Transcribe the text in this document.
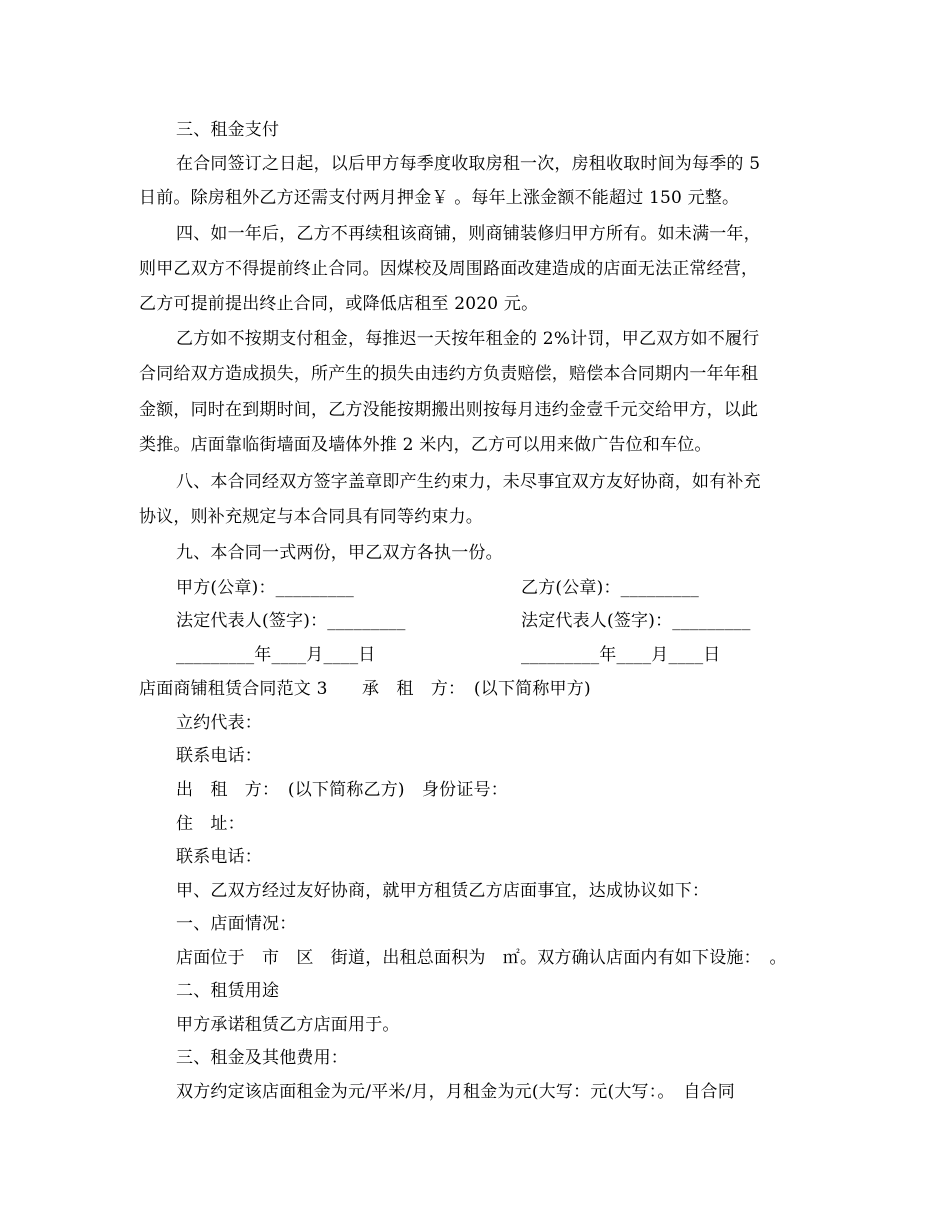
三、租金支付
在合同签订之日起，以后甲方每季度收取房租一次，房租收取时间为每季的 5
日前。除房租外乙方还需支付两月押金￥ 。每年上涨金额不能超过 150 元整。
四、如一年后，乙方不再续租该商铺，则商铺装修归甲方所有。如未满一年，
则甲乙双方不得提前终止合同。因煤校及周围路面改建造成的店面无法正常经营，
乙方可提前提出终止合同，或降低店租至 2020 元。
乙方如不按期支付租金，每推迟一天按年租金的 2%计罚，甲乙双方如不履行
合同给双方造成损失，所产生的损失由违约方负责赔偿，赔偿本合同期内一年年租
金额，同时在到期时间，乙方没能按期搬出则按每月违约金壹千元交给甲方，以此
类推。店面靠临街墙面及墙体外推 2 米内，乙方可以用来做广告位和车位。
八、本合同经双方签字盖章即产生约束力，未尽事宜双方友好协商，如有补充
协议，则补充规定与本合同具有同等约束力。
九、本合同一式两份，甲乙双方各执一份。
甲方(公章)：_________	乙方(公章)：_________
法定代表人(签字)：_________	法定代表人(签字)：_________
_________年____月____日	_________年____月____日
店面商铺租赁合同范文 3　　承　租　方：　(以下简称甲方)
立约代表：
联系电话：
出　租　方：　(以下简称乙方)　身份证号：
住　址：
联系电话：
甲、乙双方经过友好协商，就甲方租赁乙方店面事宜，达成协议如下：
一、店面情况：
店面位于　市　区　街道，出租总面积为　㎡。双方确认店面内有如下设施：　。
二、租赁用途
甲方承诺租赁乙方店面用于。
三、租金及其他费用：
双方约定该店面租金为元/平米/月，月租金为元(大写：元(大写：。　自合同
